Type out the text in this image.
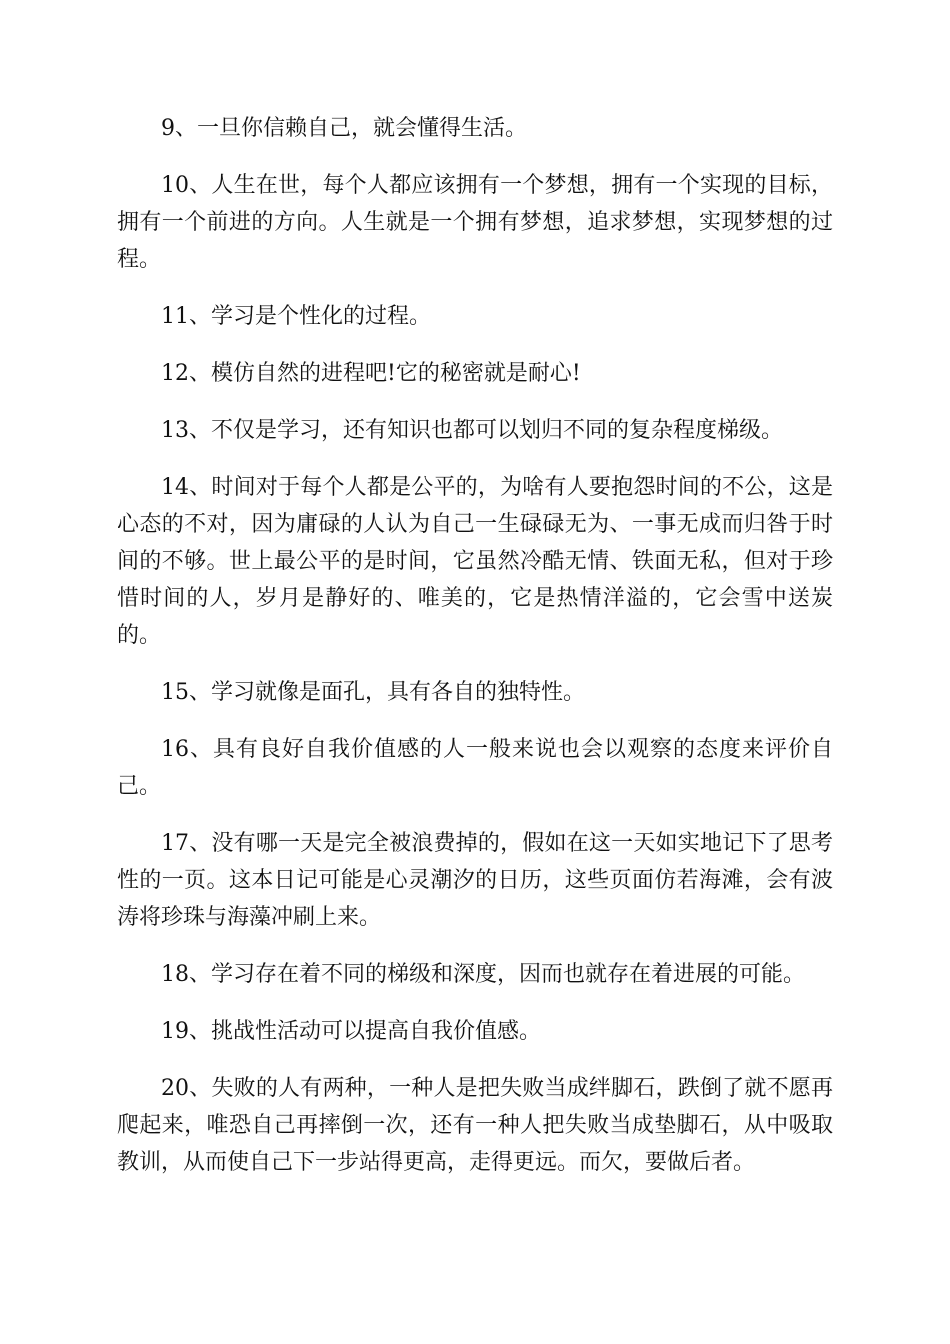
9、一旦你信赖自己，就会懂得生活。

10、人生在世，每个人都应该拥有一个梦想，拥有一个实现的目标，拥有一个前进的方向。人生就是一个拥有梦想，追求梦想，实现梦想的过程。

11、学习是个性化的过程。

12、模仿自然的进程吧!它的秘密就是耐心!

13、不仅是学习，还有知识也都可以划归不同的复杂程度梯级。

14、时间对于每个人都是公平的，为啥有人要抱怨时间的不公，这是心态的不对，因为庸碌的人认为自己一生碌碌无为、一事无成而归咎于时间的不够。世上最公平的是时间，它虽然冷酷无情、铁面无私，但对于珍惜时间的人，岁月是静好的、唯美的，它是热情洋溢的，它会雪中送炭的。

15、学习就像是面孔，具有各自的独特性。

16、具有良好自我价值感的人一般来说也会以观察的态度来评价自己。

17、没有哪一天是完全被浪费掉的，假如在这一天如实地记下了思考性的一页。这本日记可能是心灵潮汐的日历，这些页面仿若海滩，会有波涛将珍珠与海藻冲刷上来。

18、学习存在着不同的梯级和深度，因而也就存在着进展的可能。

19、挑战性活动可以提高自我价值感。

20、失败的人有两种，一种人是把失败当成绊脚石，跌倒了就不愿再爬起来，唯恐自己再摔倒一次，还有一种人把失败当成垫脚石，从中吸取教训，从而使自己下一步站得更高，走得更远。而欠，要做后者。
